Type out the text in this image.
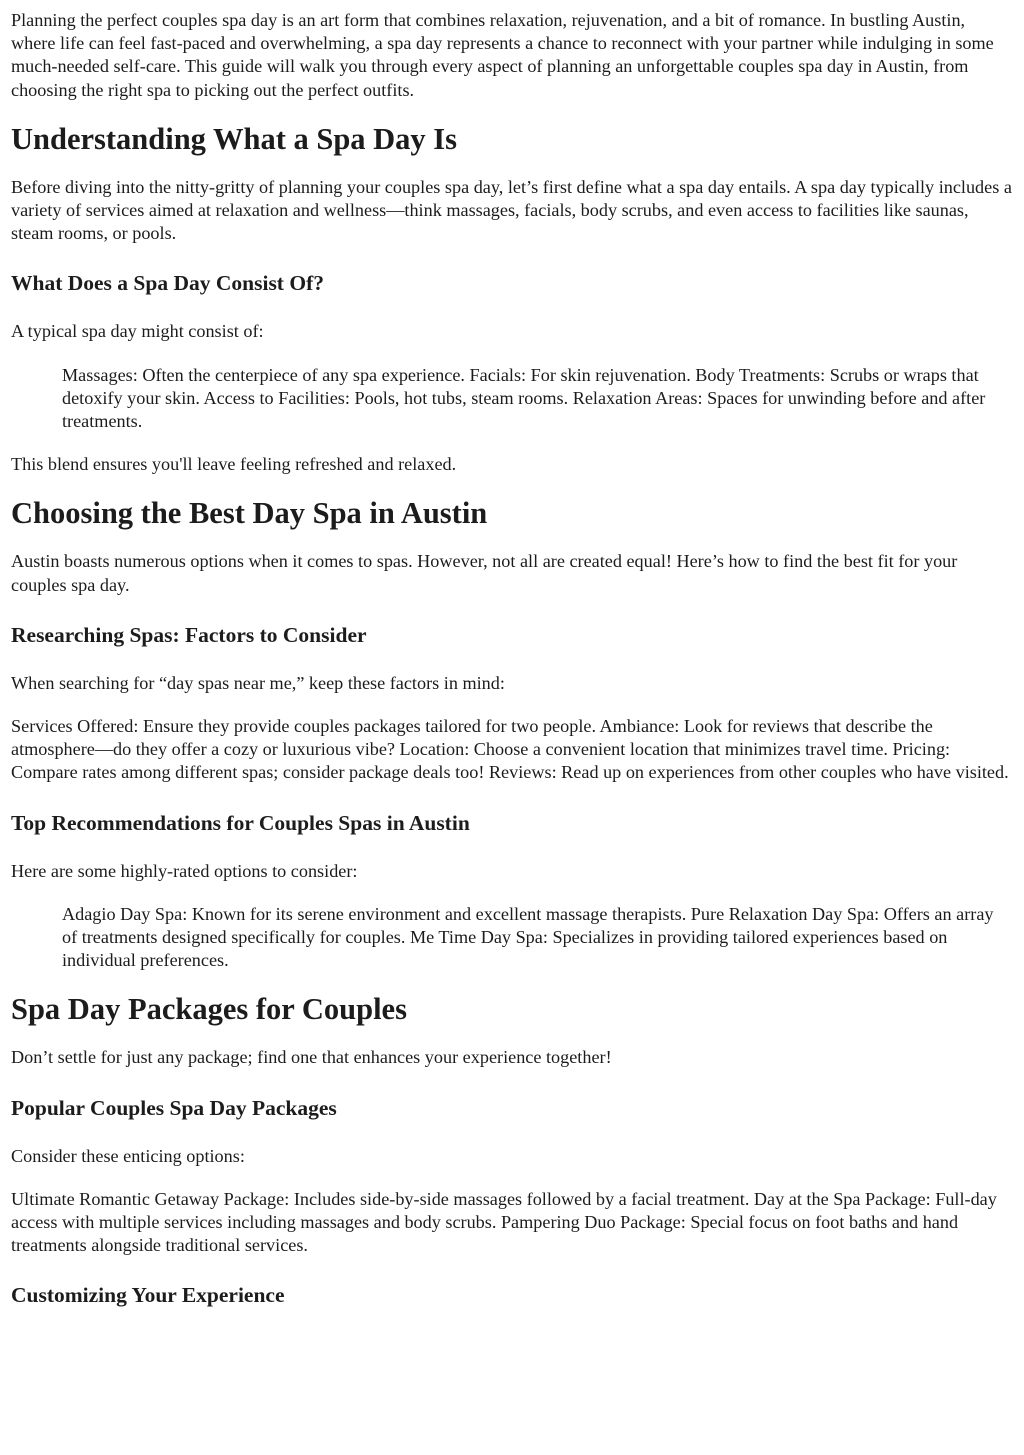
Planning the perfect couples spa day is an art form that combines relaxation, rejuvenation, and a bit of romance. In bustling Austin, where life can feel fast-paced and overwhelming, a spa day represents a chance to reconnect with your partner while indulging in some much-needed self-care. This guide will walk you through every aspect of planning an unforgettable couples spa day in Austin, from choosing the right spa to picking out the perfect outfits.

Understanding What a Spa Day Is

Before diving into the nitty-gritty of planning your couples spa day, let’s first define what a spa day entails. A spa day typically includes a variety of services aimed at relaxation and wellness—think massages, facials, body scrubs, and even access to facilities like saunas, steam rooms, or pools.

What Does a Spa Day Consist Of?

A typical spa day might consist of:

Massages: Often the centerpiece of any spa experience. Facials: For skin rejuvenation. Body Treatments: Scrubs or wraps that detoxify your skin. Access to Facilities: Pools, hot tubs, steam rooms. Relaxation Areas: Spaces for unwinding before and after treatments.

This blend ensures you'll leave feeling refreshed and relaxed.

Choosing the Best Day Spa in Austin

Austin boasts numerous options when it comes to spas. However, not all are created equal! Here’s how to find the best fit for your couples spa day.

Researching Spas: Factors to Consider

When searching for “day spas near me,” keep these factors in mind:

Services Offered: Ensure they provide couples packages tailored for two people. Ambiance: Look for reviews that describe the atmosphere—do they offer a cozy or luxurious vibe? Location: Choose a convenient location that minimizes travel time. Pricing: Compare rates among different spas; consider package deals too! Reviews: Read up on experiences from other couples who have visited.

Top Recommendations for Couples Spas in Austin

Here are some highly-rated options to consider:

Adagio Day Spa: Known for its serene environment and excellent massage therapists. Pure Relaxation Day Spa: Offers an array of treatments designed specifically for couples. Me Time Day Spa: Specializes in providing tailored experiences based on individual preferences.
Spa Day Packages for Couples

Don’t settle for just any package; find one that enhances your experience together!

Popular Couples Spa Day Packages

Consider these enticing options:

Ultimate Romantic Getaway Package: Includes side-by-side massages followed by a facial treatment. Day at the Spa Package: Full-day access with multiple services including massages and body scrubs. Pampering Duo Package: Special focus on foot baths and hand treatments alongside traditional services.

Customizing Your Experience
